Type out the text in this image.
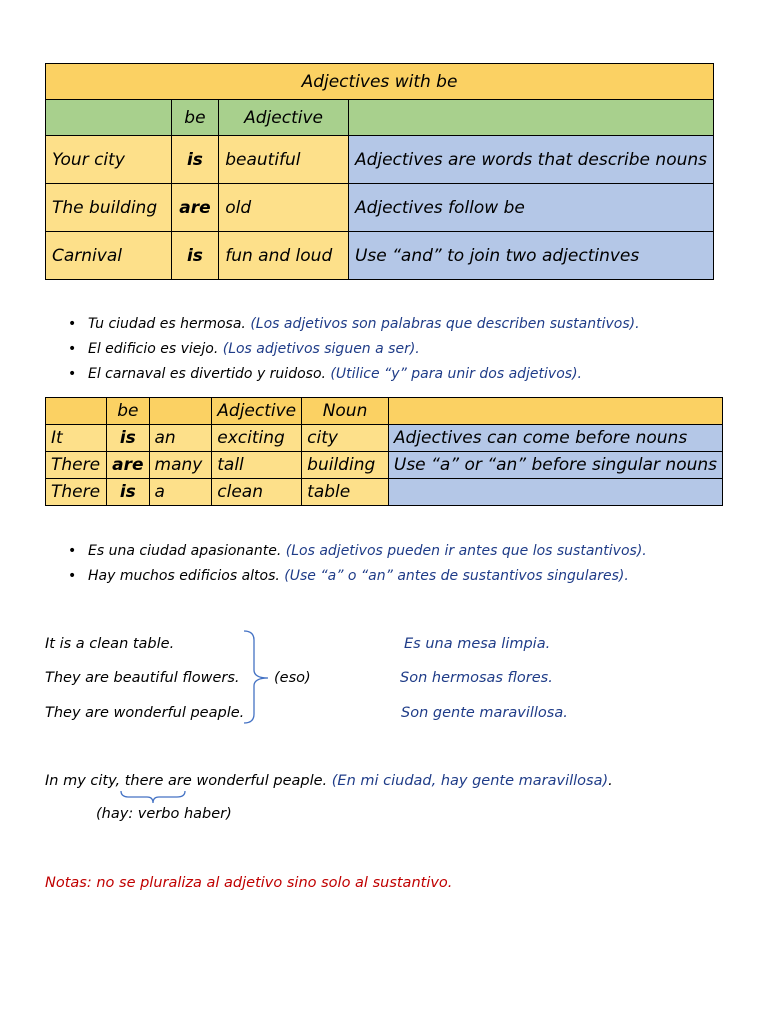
Adjectives with be			
	be	Adjective	
Your city	is	beautiful	Adjectives are words that describe nouns
The building	are	old	Adjectives follow be
Carnival	is	fun and loud	Use “and” to join two adjectinves
• Tu ciudad es hermosa. (Los adjetivos son palabras que describen sustantivos).
• El edificio es viejo. (Los adjetivos siguen a ser).
• El carnaval es divertido y ruidoso. (Utilice “y” para unir dos adjetivos).
	be		Adjective	Noun	
It	is	an	exciting	city	Adjectives can come before nouns
There	are	many	tall	building	Use “a” or “an” before singular nouns
There	is	a	clean	table	
• Es una ciudad apasionante. (Los adjetivos pueden ir antes que los sustantivos).
• Hay muchos edificios altos. (Use “a” o “an” antes de sustantivos singulares).
It is a clean table.
They are beautiful flowers.
They are wonderful peaple.
(eso)
Es una mesa limpia.
Son hermosas flores.
Son gente maravillosa.
In my city, there are wonderful peaple. (En mi ciudad, hay gente maravillosa).
(hay: verbo haber)
Notas: no se pluraliza al adjetivo sino solo al sustantivo.
